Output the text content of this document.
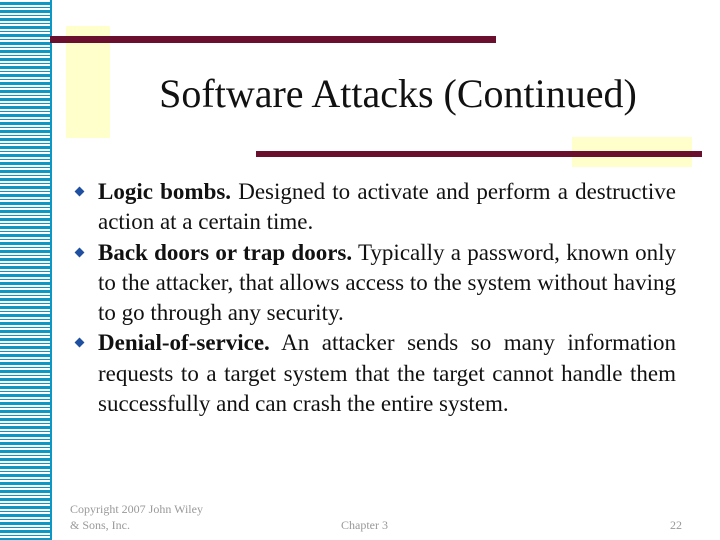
Software Attacks (Continued)
Logic bombs. Designed to activate and perform a destructive action at a certain time.
Back doors or trap doors. Typically a password, known only to the attacker, that allows access to the system without having to go through any security.
Denial-of-service. An attacker sends so many information requests to a target system that the target cannot handle them successfully and can crash the entire system.
Copyright 2007 John Wiley & Sons, Inc.	Chapter 3	22
